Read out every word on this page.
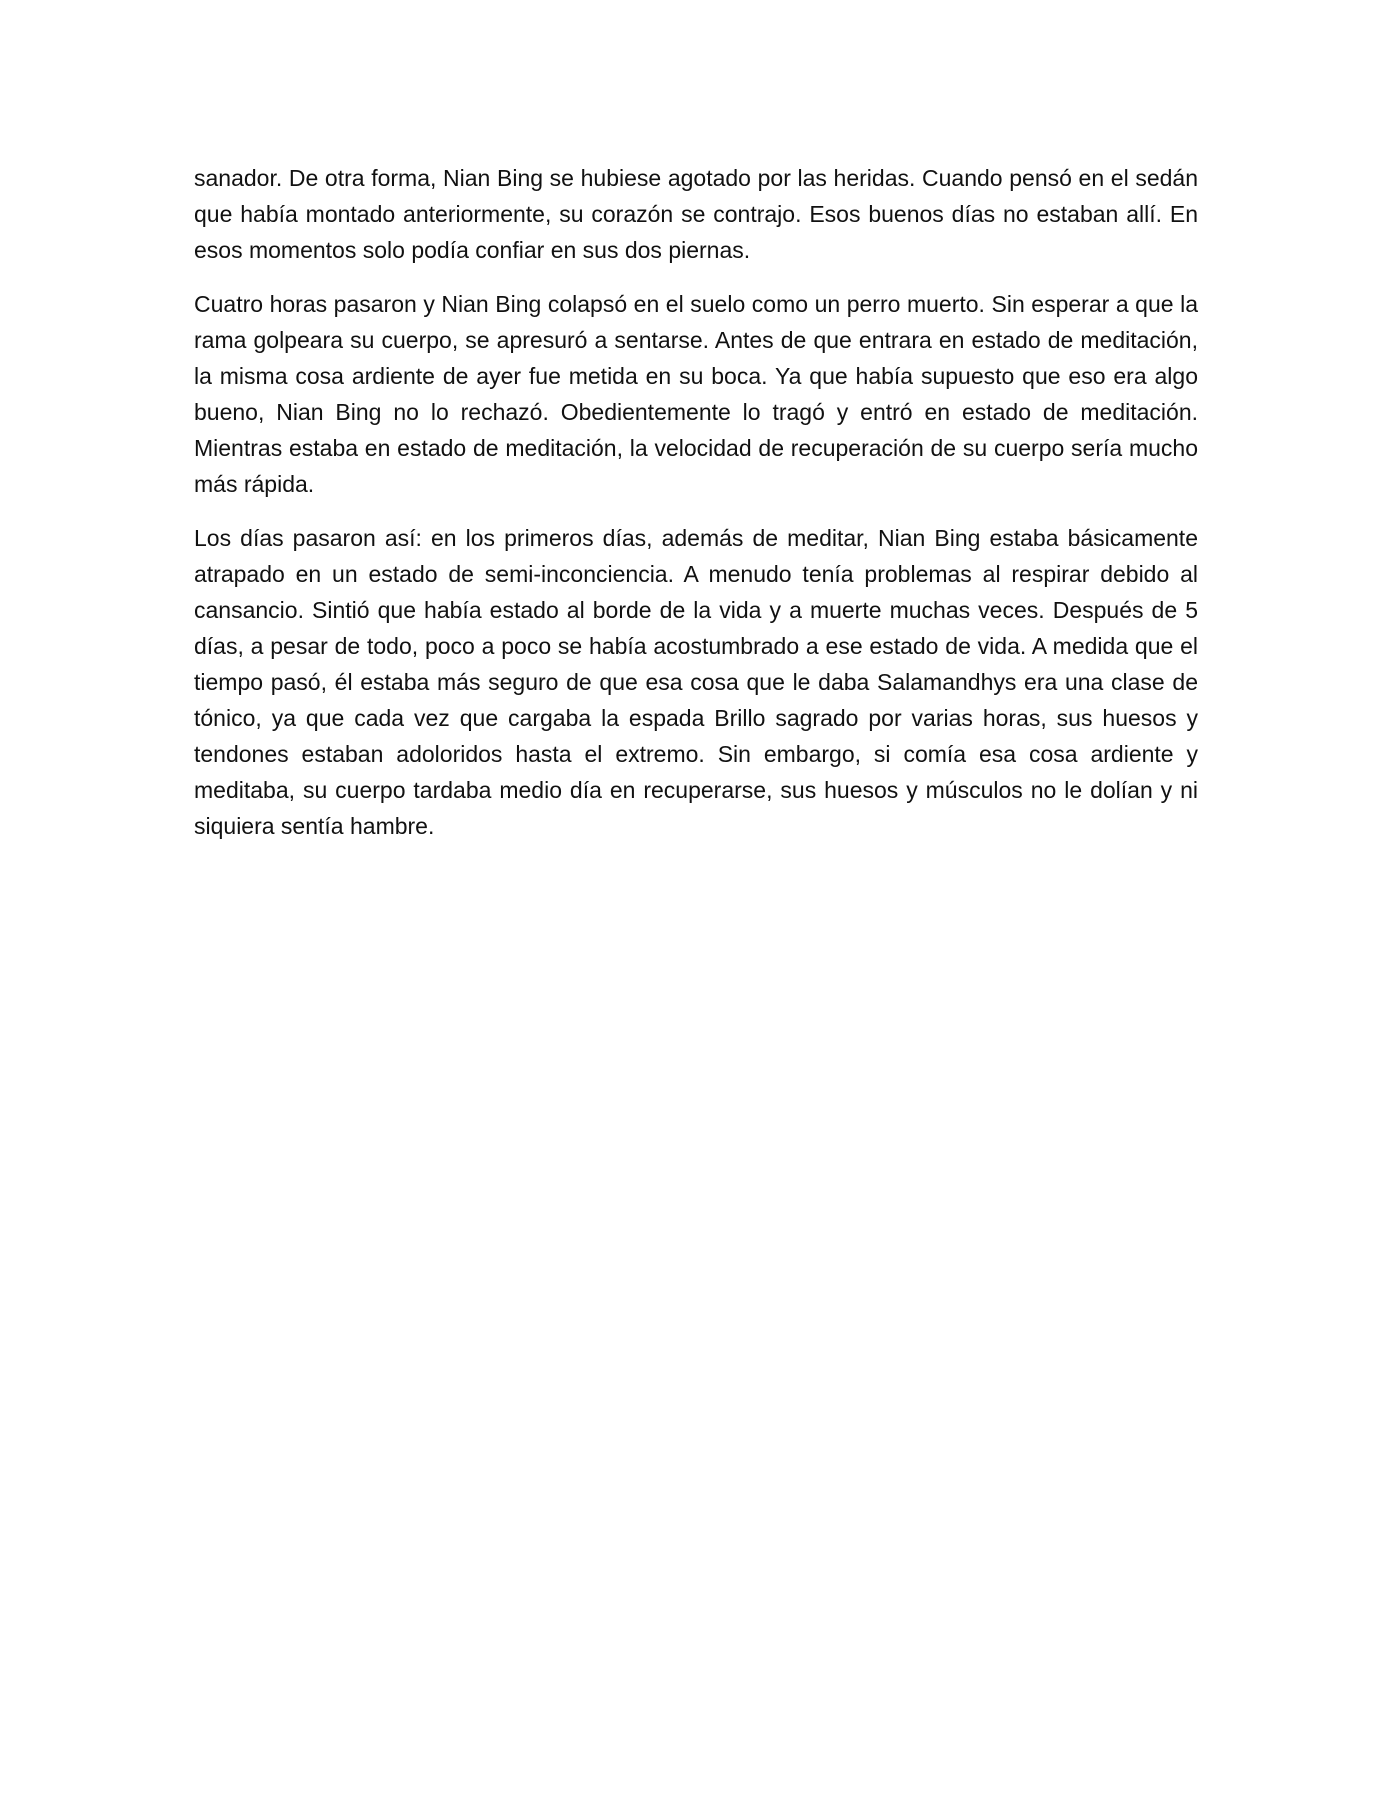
sanador. De otra forma, Nian Bing se hubiese agotado por las heridas. Cuando pensó en el sedán que había montado anteriormente, su corazón se contrajo. Esos buenos días no estaban allí. En esos momentos solo podía confiar en sus dos piernas.

Cuatro horas pasaron y Nian Bing colapsó en el suelo como un perro muerto. Sin esperar a que la rama golpeara su cuerpo, se apresuró a sentarse. Antes de que entrara en estado de meditación, la misma cosa ardiente de ayer fue metida en su boca. Ya que había supuesto que eso era algo bueno, Nian Bing no lo rechazó. Obedientemente lo tragó y entró en estado de meditación. Mientras estaba en estado de meditación, la velocidad de recuperación de su cuerpo sería mucho más rápida.

Los días pasaron así: en los primeros días, además de meditar, Nian Bing estaba básicamente atrapado en un estado de semi-inconciencia. A menudo tenía problemas al respirar debido al cansancio. Sintió que había estado al borde de la vida y a muerte muchas veces. Después de 5 días, a pesar de todo, poco a poco se había acostumbrado a ese estado de vida. A medida que el tiempo pasó, él estaba más seguro de que esa cosa que le daba Salamandhys era una clase de tónico, ya que cada vez que cargaba la espada Brillo sagrado por varias horas, sus huesos y tendones estaban adoloridos hasta el extremo. Sin embargo, si comía esa cosa ardiente y meditaba, su cuerpo tardaba medio día en recuperarse, sus huesos y músculos no le dolían y ni siquiera sentía hambre.
